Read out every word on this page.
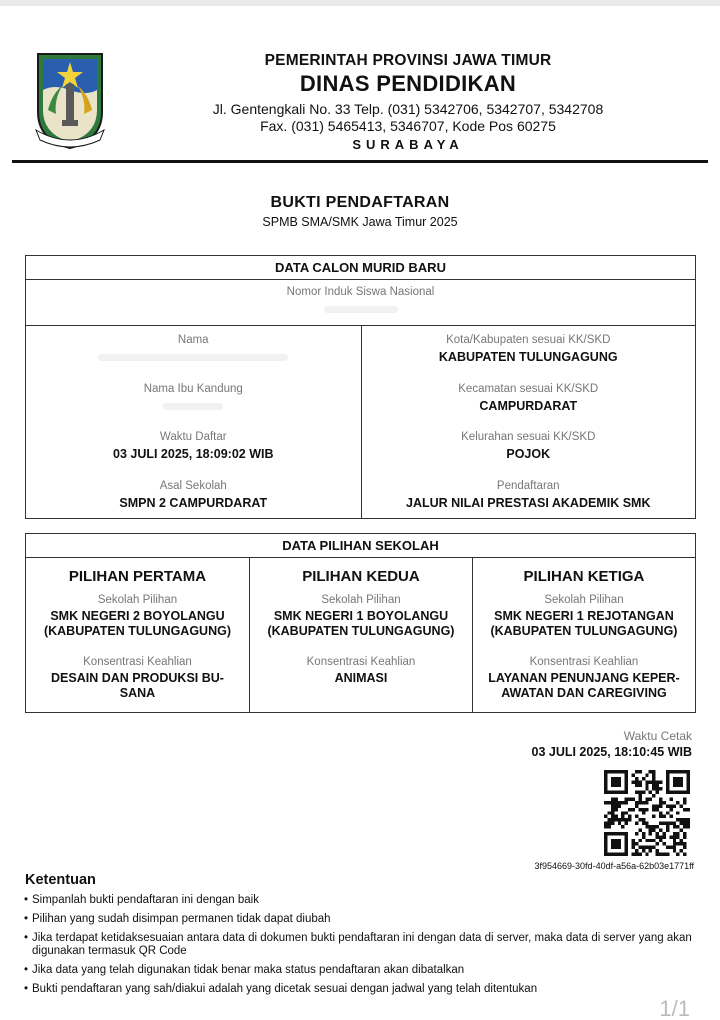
PEMERINTAH PROVINSI JAWA TIMUR
DINAS PENDIDIKAN
Jl. Gentengkali No. 33 Telp. (031) 5342706, 5342707, 5342708
Fax. (031) 5465413, 5346707, Kode Pos 60275
SURABAYA
BUKTI PENDAFTARAN
SPMB SMA/SMK Jawa Timur 2025
DATA CALON MURID BARU
Nomor Induk Siswa Nasional
Nama
Nama Ibu Kandung
Waktu Daftar
03 JULI 2025, 18:09:02 WIB
Asal Sekolah
SMPN 2 CAMPURDARAT
Kota/Kabupaten sesuai KK/SKD
KABUPATEN TULUNGAGUNG
Kecamatan sesuai KK/SKD
CAMPURDARAT
Kelurahan sesuai KK/SKD
POJOK
Pendaftaran
JALUR NILAI PRESTASI AKADEMIK SMK
DATA PILIHAN SEKOLAH
PILIHAN PERTAMA
Sekolah Pilihan
SMK NEGERI 2 BOYOLANGU
(KABUPATEN TULUNGAGUNG)
Konsentrasi Keahlian
DESAIN DAN PRODUKSI BU-
SANA
PILIHAN KEDUA
Sekolah Pilihan
SMK NEGERI 1 BOYOLANGU
(KABUPATEN TULUNGAGUNG)
Konsentrasi Keahlian
ANIMASI
PILIHAN KETIGA
Sekolah Pilihan
SMK NEGERI 1 REJOTANGAN
(KABUPATEN TULUNGAGUNG)
Konsentrasi Keahlian
LAYANAN PENUNJANG KEPER-
AWATAN DAN CAREGIVING
Waktu Cetak
03 JULI 2025, 18:10:45 WIB
3f954669-30fd-40df-a56a-62b03e1771ff
Ketentuan
• Simpanlah bukti pendaftaran ini dengan baik
• Pilihan yang sudah disimpan permanen tidak dapat diubah
• Jika terdapat ketidaksesuaian antara data di dokumen bukti pendaftaran ini dengan data di server, maka data di server yang akan digunakan termasuk QR Code
• Jika data yang telah digunakan tidak benar maka status pendaftaran akan dibatalkan
• Bukti pendaftaran yang sah/diakui adalah yang dicetak sesuai dengan jadwal yang telah ditentukan
1/1
